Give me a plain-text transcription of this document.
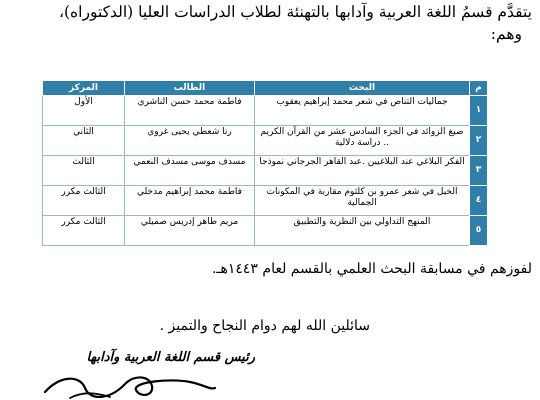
يتقدَّم قسمُ اللغة العربية وآدابها بالتهنئة لطلاب الدراسات العليا (الدكتوراه)،
وهم:
م	البحث	الطالب	المركز
١	جماليات التناص في شعر محمد إبراهيم يعقوب	فاطمة محمد حسن الناشري	الأول
٢	صيغ الزوائد في الجزء السادس عشر من القرآن الكريم .. دراسة دلالية	رنا شعطي يحيى غروي	الثاني
٣	الفكر البلاغي عند البلاغيين .عبد القاهر الجرجاني نموذجا	مسدف موسى مسدف النعمي	الثالث
٤	الخيل في شعر عمرو بن كلثوم مقاربة في المكونات الجمالية	فاطمة محمد إبراهيم مدخلي	الثالث مكرر
٥	المنهج التداولي بين النظرية والتطبيق	مريم طاهر إدريس صميلي	الثالث مكرر
لفوزهم في مسابقة البحث العلمي بالقسم لعام ١٤٤٣هـ.
سائلين الله لهم دوام النجاح والتميز .
رئيس قسم اللغة العربية وآدابها
